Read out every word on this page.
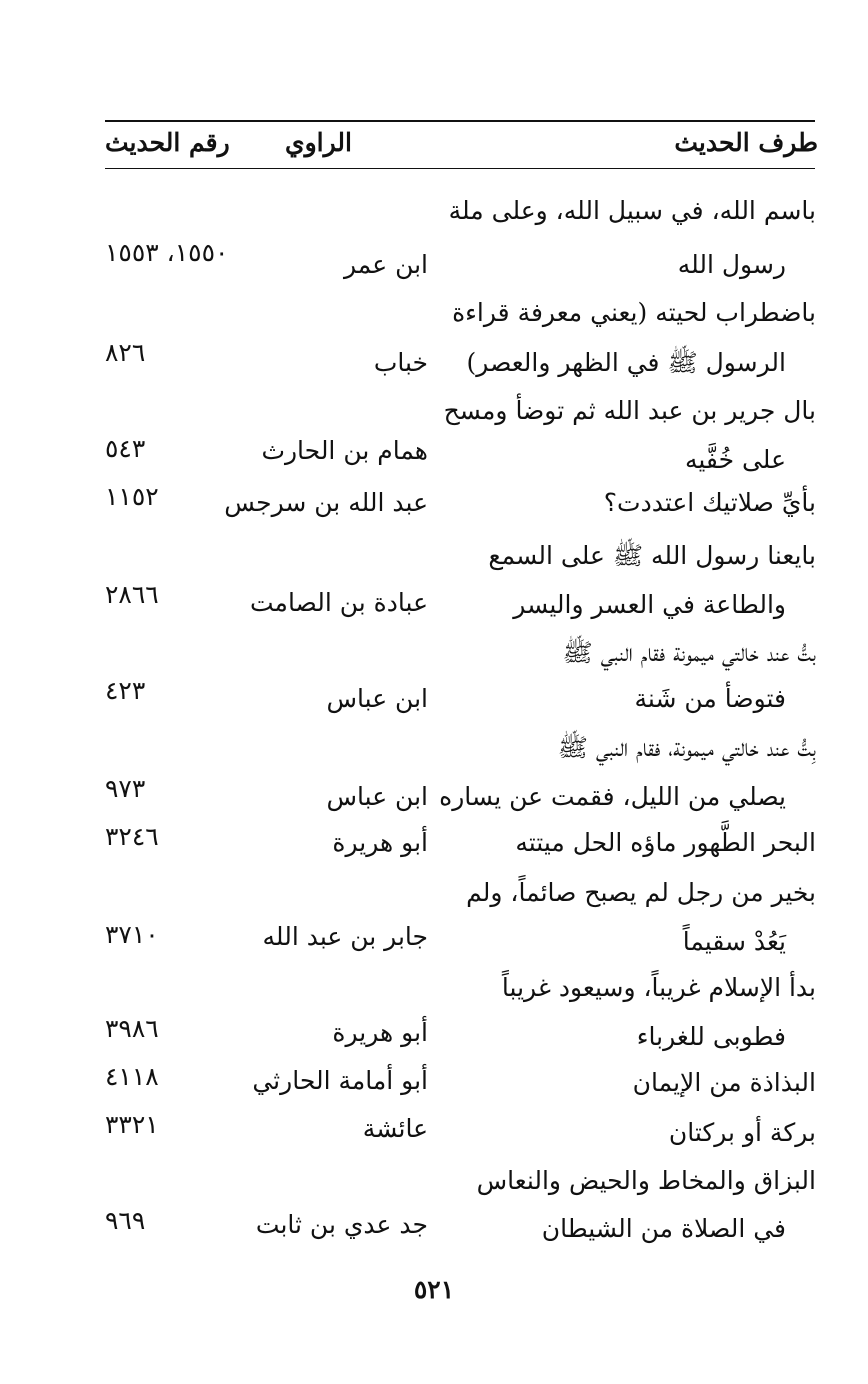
طرف الحديث
الراوي
رقم الحديث
باسم الله، في سبيل الله، وعلى ملة
رسول الله
ابن عمر
١٥٥٠، ١٥٥٣
باضطراب لحيته (يعني معرفة قراءة
الرسول ﷺ في الظهر والعصر)
خباب
٨٢٦
بال جرير بن عبد الله ثم توضأ ومسح
على خُفَّيه
همام بن الحارث
٥٤٣
بأيِّ صلاتيك اعتددت؟
عبد الله بن سرجس
١١٥٢
بايعنا رسول الله ﷺ على السمع
والطاعة في العسر واليسر
عبادة بن الصامت
٢٨٦٦
بتُّ عند خالتي ميمونة فقام النبي ﷺ
فتوضأ من شَنة
ابن عباس
٤٢٣
بِتُّ عند خالتي ميمونة، فقام النبي ﷺ
يصلي من الليل، فقمت عن يساره
ابن عباس
٩٧٣
البحر الطَّهور ماؤه الحل ميتته
أبو هريرة
٣٢٤٦
بخير من رجل لم يصبح صائماً، ولم
يَعُدْ سقيماً
جابر بن عبد الله
٣٧١٠
بدأ الإسلام غريباً، وسيعود غريباً
فطوبى للغرباء
أبو هريرة
٣٩٨٦
البذاذة من الإيمان
أبو أمامة الحارثي
٤١١٨
بركة أو بركتان
عائشة
٣٣٢١
البزاق والمخاط والحيض والنعاس
في الصلاة من الشيطان
جد عدي بن ثابت
٩٦٩
٥٢١
